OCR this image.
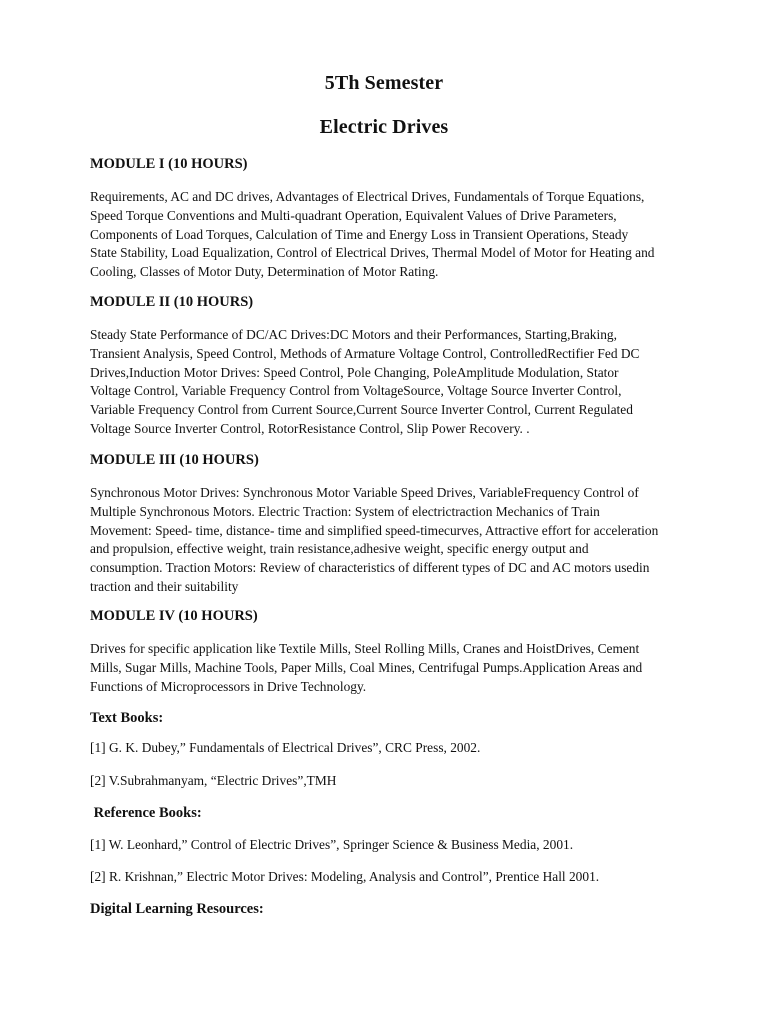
5Th Semester
Electric Drives
MODULE I (10 HOURS)
Requirements, AC and DC drives, Advantages of Electrical Drives, Fundamentals of Torque Equations,
Speed Torque Conventions and Multi-quadrant Operation, Equivalent Values of Drive Parameters,
Components of Load Torques, Calculation of Time and Energy Loss in Transient Operations, Steady
State Stability, Load Equalization, Control of Electrical Drives, Thermal Model of Motor for Heating and
Cooling, Classes of Motor Duty, Determination of Motor Rating.
MODULE II (10 HOURS)
Steady State Performance of DC/AC Drives:DC Motors and their Performances, Starting,Braking,
Transient Analysis, Speed Control, Methods of Armature Voltage Control, ControlledRectifier Fed DC
Drives,Induction Motor Drives: Speed Control, Pole Changing, PoleAmplitude Modulation, Stator
Voltage Control, Variable Frequency Control from VoltageSource, Voltage Source Inverter Control,
Variable Frequency Control from Current Source,Current Source Inverter Control, Current Regulated
Voltage Source Inverter Control, RotorResistance Control, Slip Power Recovery. .
MODULE III (10 HOURS)
Synchronous Motor Drives: Synchronous Motor Variable Speed Drives, VariableFrequency Control of
Multiple Synchronous Motors. Electric Traction: System of electrictraction Mechanics of Train
Movement: Speed- time, distance- time and simplified speed-timecurves, Attractive effort for acceleration
and propulsion, effective weight, train resistance,adhesive weight, specific energy output and
consumption. Traction Motors: Review of characteristics of different types of DC and AC motors usedin
traction and their suitability
MODULE IV (10 HOURS)
Drives for specific application like Textile Mills, Steel Rolling Mills, Cranes and HoistDrives, Cement
Mills, Sugar Mills, Machine Tools, Paper Mills, Coal Mines, Centrifugal Pumps.Application Areas and
Functions of Microprocessors in Drive Technology.
Text Books:

[1] G. K. Dubey,” Fundamentals of Electrical Drives”, CRC Press, 2002.

[2] V.Subrahmanyam, “Electric Drives”,TMH

Reference Books:

[1] W. Leonhard,” Control of Electric Drives”, Springer Science & Business Media, 2001.

[2] R. Krishnan,” Electric Motor Drives: Modeling, Analysis and Control”, Prentice Hall 2001.

Digital Learning Resources:
